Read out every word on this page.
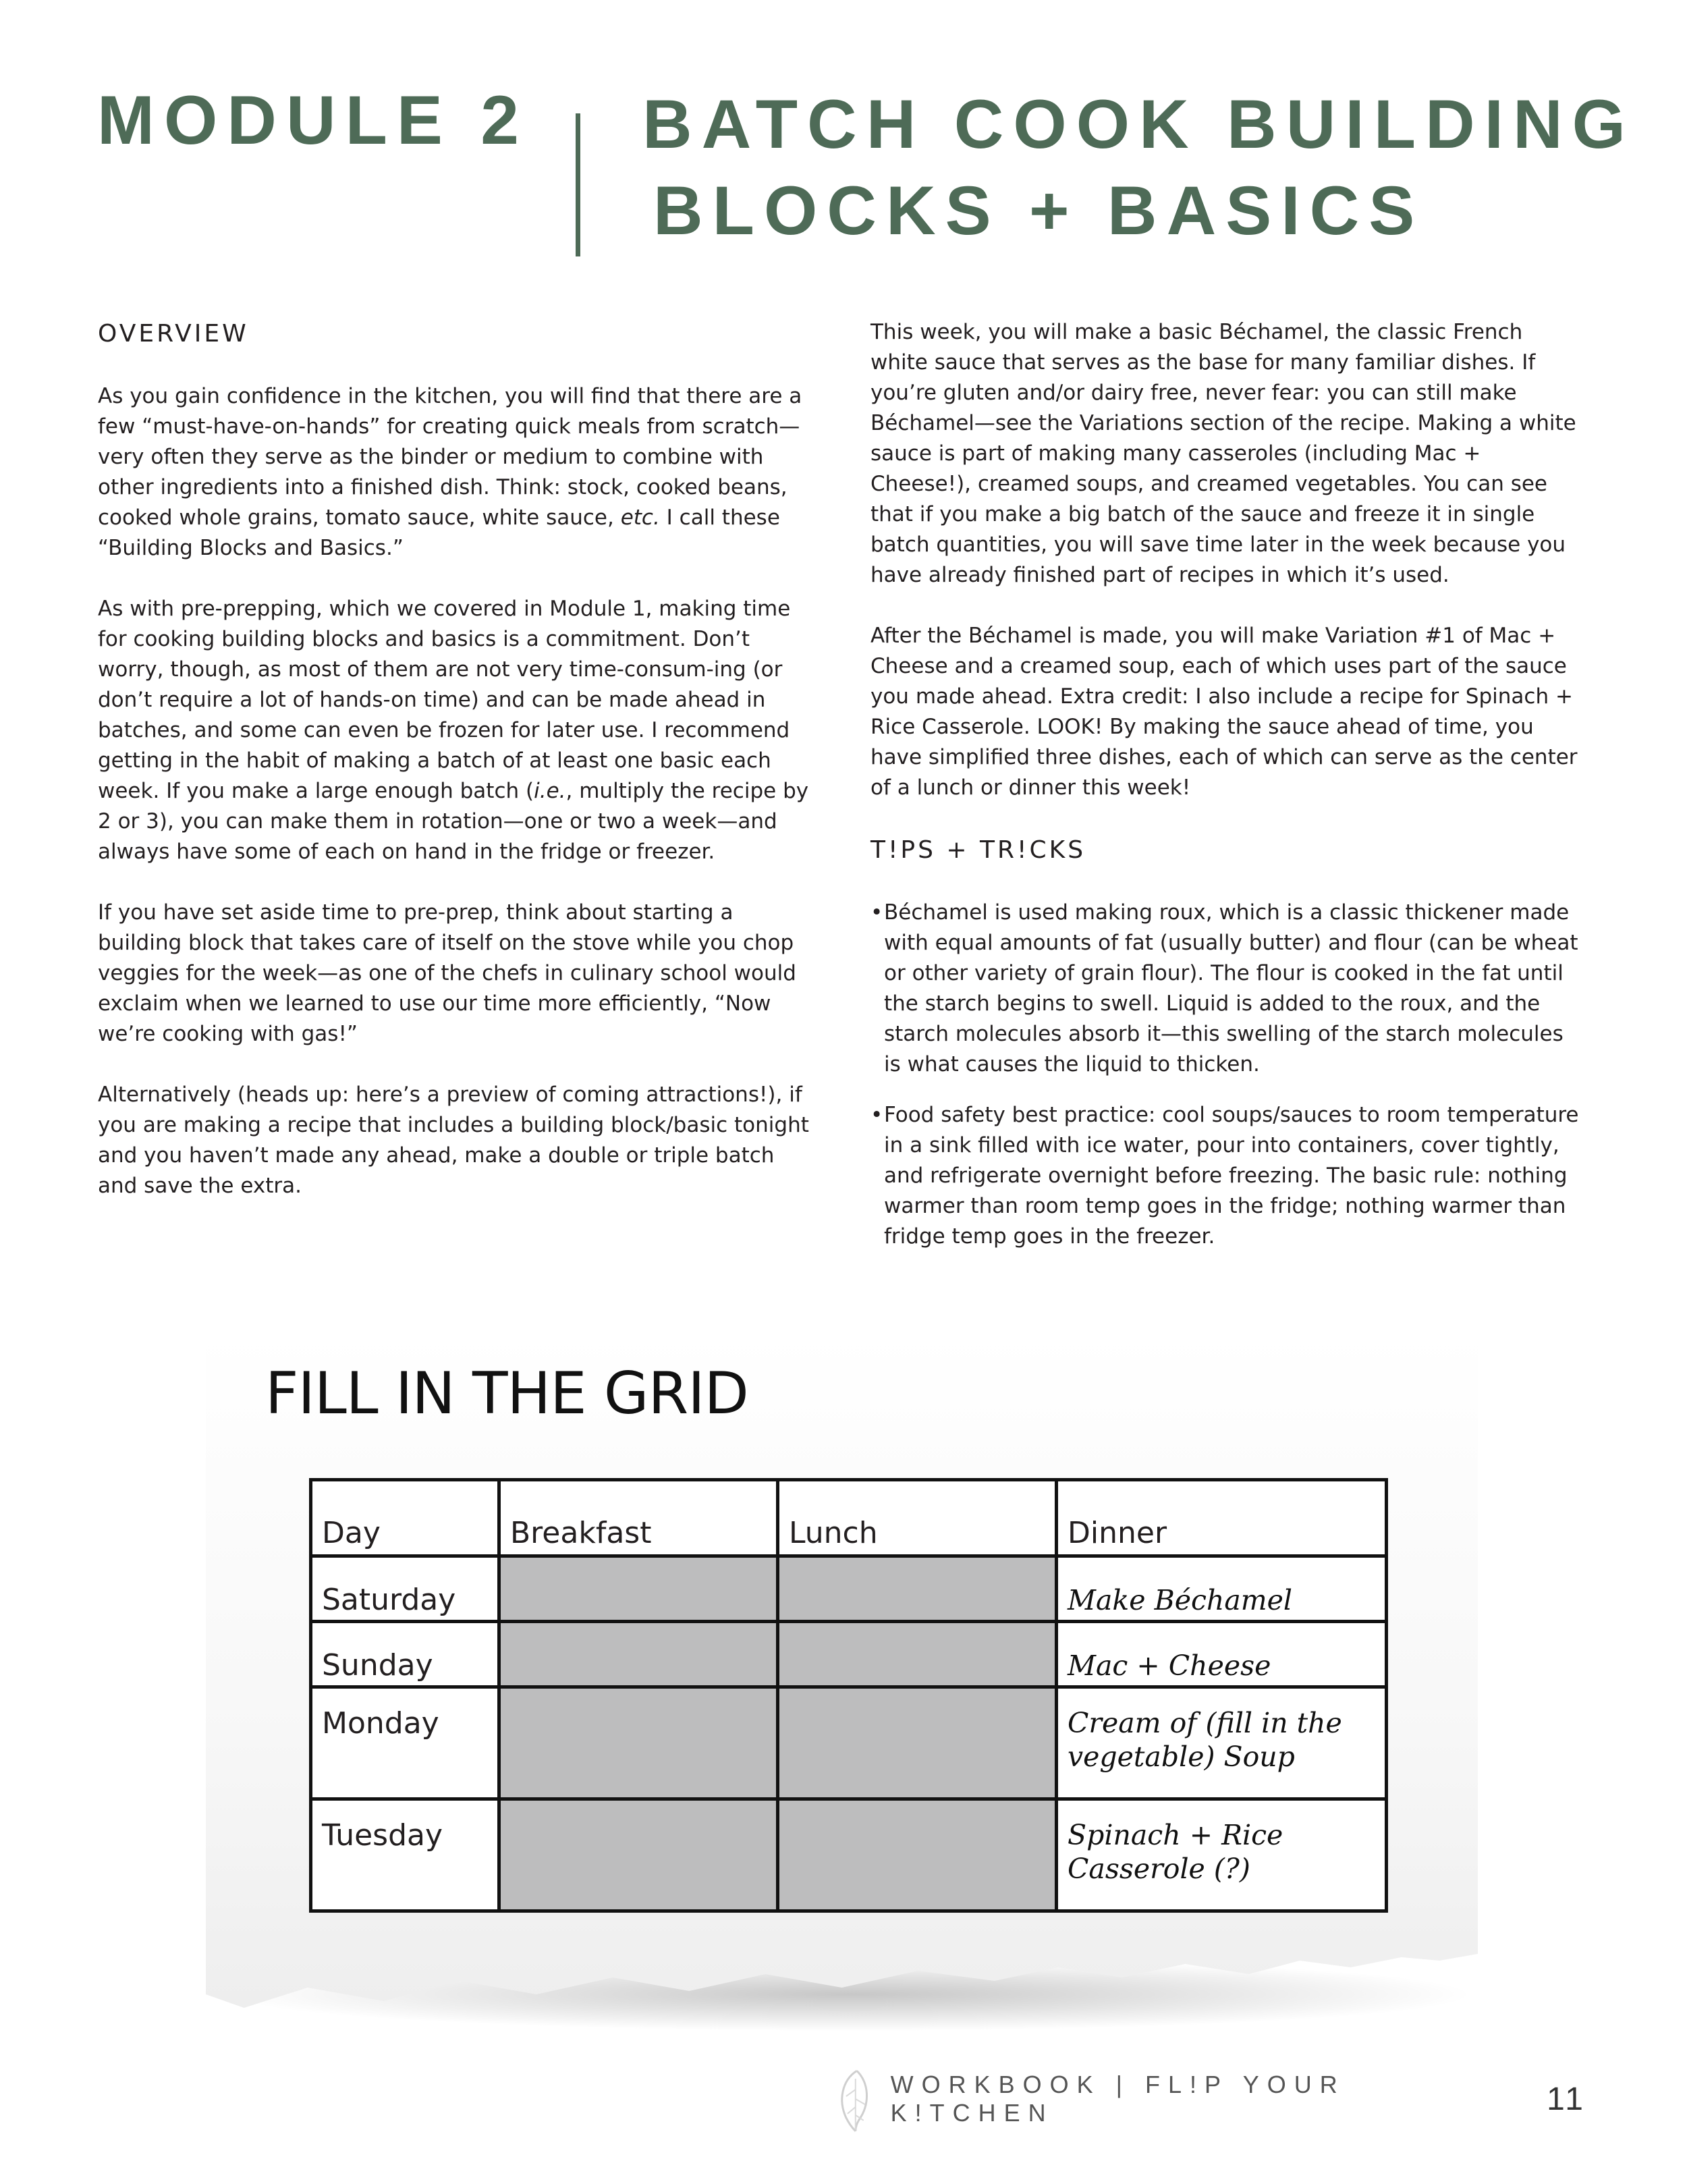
MODULE 2 BATCH COOK BUILDING
BLOCKS + BASICS
OVERVIEW

As you gain confidence in the kitchen, you will find that there are a few “must-have-on-hands” for creating quick meals from scratch—very often they serve as the binder or medium to combine with other ingredients into a finished dish. Think: stock, cooked beans, cooked whole grains, tomato sauce, white sauce, etc. I call these “Building Blocks and Basics.”

As with pre-prepping, which we covered in Module 1, making time for cooking building blocks and basics is a commitment. Don’t worry, though, as most of them are not very time-consum-ing (or don’t require a lot of hands-on time) and can be made ahead in batches, and some can even be frozen for later use. I recommend getting in the habit of making a batch of at least one basic each week. If you make a large enough batch (i.e., multiply the recipe by 2 or 3), you can make them in rotation—one or two a week—and always have some of each on hand in the fridge or freezer.

If you have set aside time to pre-prep, think about starting a building block that takes care of itself on the stove while you chop veggies for the week—as one of the chefs in culinary school would exclaim when we learned to use our time more efficiently, “Now we’re cooking with gas!”

Alternatively (heads up: here’s a preview of coming attractions!), if you are making a recipe that includes a building block/basic tonight and you haven’t made any ahead, make a double or triple batch and save the extra.

This week, you will make a basic Béchamel, the classic French white sauce that serves as the base for many familiar dishes. If you’re gluten and/or dairy free, never fear: you can still make Béchamel—see the Variations section of the recipe. Making a white sauce is part of making many casseroles (including Mac + Cheese!), creamed soups, and creamed vegetables. You can see that if you make a big batch of the sauce and freeze it in single batch quantities, you will save time later in the week because you have already finished part of recipes in which it’s used.

After the Béchamel is made, you will make Variation #1 of Mac + Cheese and a creamed soup, each of which uses part of the sauce you made ahead. Extra credit: I also include a recipe for Spinach + Rice Casserole. LOOK! By making the sauce ahead of time, you have simplified three dishes, each of which can serve as the center of a lunch or dinner this week!

T!PS + TR!CKS
• Béchamel is used making roux, which is a classic thickener made with equal amounts of fat (usually butter) and flour (can be wheat or other variety of grain flour). The flour is cooked in the fat until the starch begins to swell. Liquid is added to the roux, and the starch molecules absorb it—this swelling of the starch molecules is what causes the liquid to thicken.
• Food safety best practice: cool soups/sauces to room temperature in a sink filled with ice water, pour into containers, cover tightly, and refrigerate overnight before freezing. The basic rule: nothing warmer than room temp goes in the fridge; nothing warmer than fridge temp goes in the freezer.
FILL IN THE GRID
Day	Breakfast	Lunch	Dinner
Saturday			Make Béchamel
Sunday			Mac + Cheese
Monday			Cream of (fill in the vegetable) Soup
Tuesday			Spinach + Rice Casserole (?)
WORKBOOK | FL!P YOUR K!TCHEN	11
